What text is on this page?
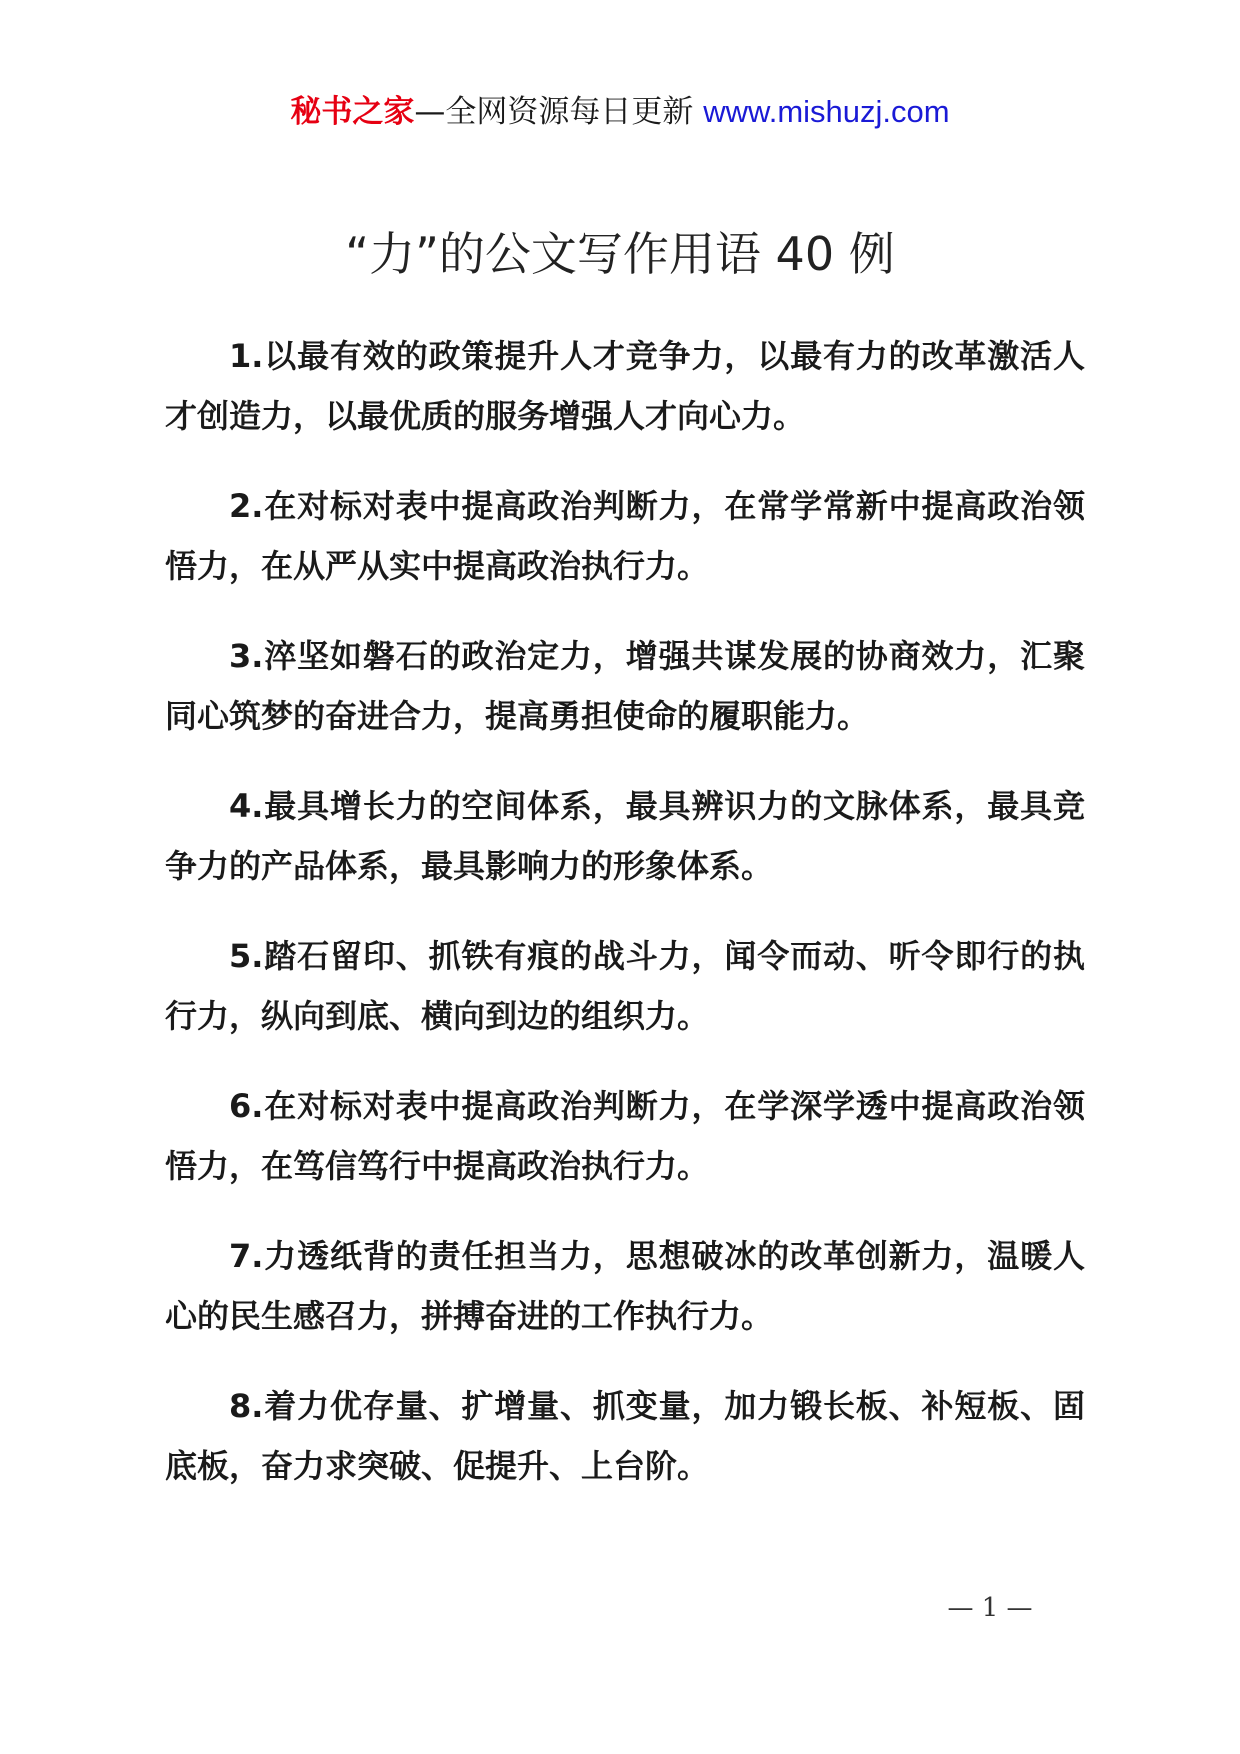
秘书之家—全网资源每日更新 www.mishuzj.com
“力”的公文写作用语 40 例
1.以最有效的政策提升人才竞争力，以最有力的改革激活人才创造力，以最优质的服务增强人才向心力。
2.在对标对表中提高政治判断力，在常学常新中提高政治领悟力，在从严从实中提高政治执行力。
3.淬坚如磐石的政治定力，增强共谋发展的协商效力，汇聚同心筑梦的奋进合力，提高勇担使命的履职能力。
4.最具增长力的空间体系，最具辨识力的文脉体系，最具竞争力的产品体系，最具影响力的形象体系。
5.踏石留印、抓铁有痕的战斗力，闻令而动、听令即行的执行力，纵向到底、横向到边的组织力。
6.在对标对表中提高政治判断力，在学深学透中提高政治领悟力，在笃信笃行中提高政治执行力。
7.力透纸背的责任担当力，思想破冰的改革创新力，温暖人心的民生感召力，拼搏奋进的工作执行力。
8.着力优存量、扩增量、抓变量，加力锻长板、补短板、固底板，奋力求突破、促提升、上台阶。
— 1 —
